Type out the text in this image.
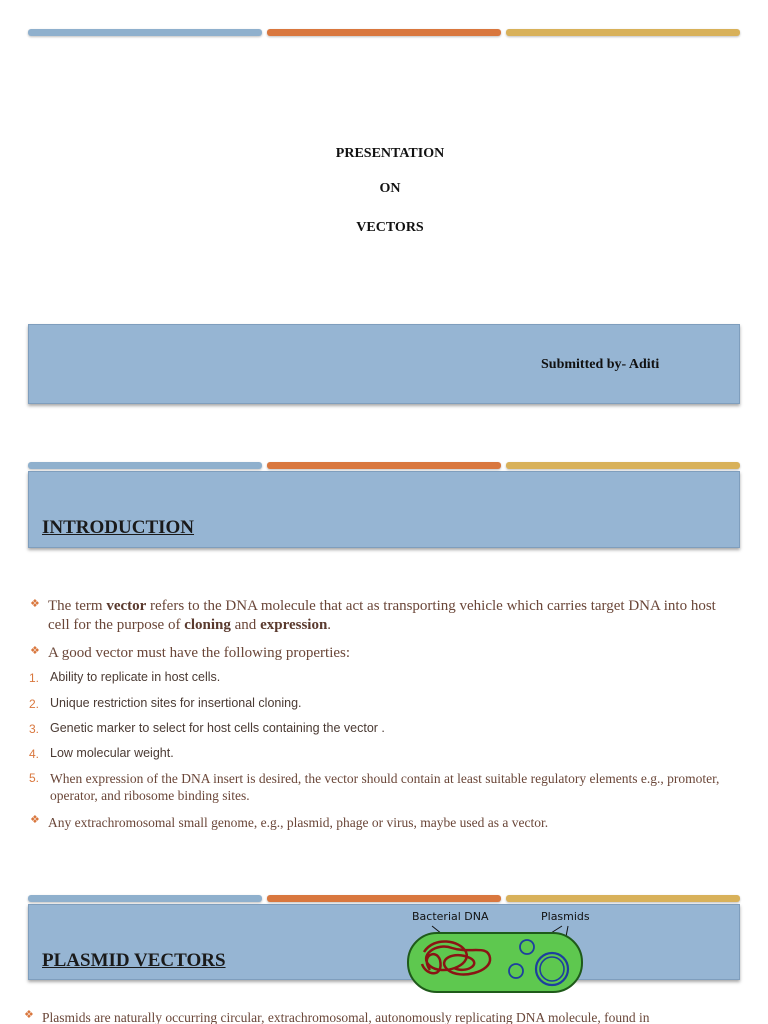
PRESENTATION
ON
VECTORS
Submitted by- Aditi
INTRODUCTION
❖ The term vector refers to the DNA molecule that act as transporting vehicle which carries target DNA into host cell for the purpose of cloning and expression.
❖ A good vector must have the following properties:
1. Ability to replicate in host cells.
2. Unique restriction sites for insertional cloning.
3. Genetic marker to select for host cells containing the vector .
4. Low molecular weight.
5. When expression of the DNA insert is desired, the vector should contain at least suitable regulatory elements e.g., promoter, operator, and ribosome binding sites.
❖ Any extrachromosomal small genome, e.g., plasmid, phage or virus, maybe used as a vector.
PLASMID VECTORS
Bacterial DNA	Plasmids
❖ Plasmids are naturally occurring circular, extrachromosomal, autonomously replicating DNA molecule, found in
